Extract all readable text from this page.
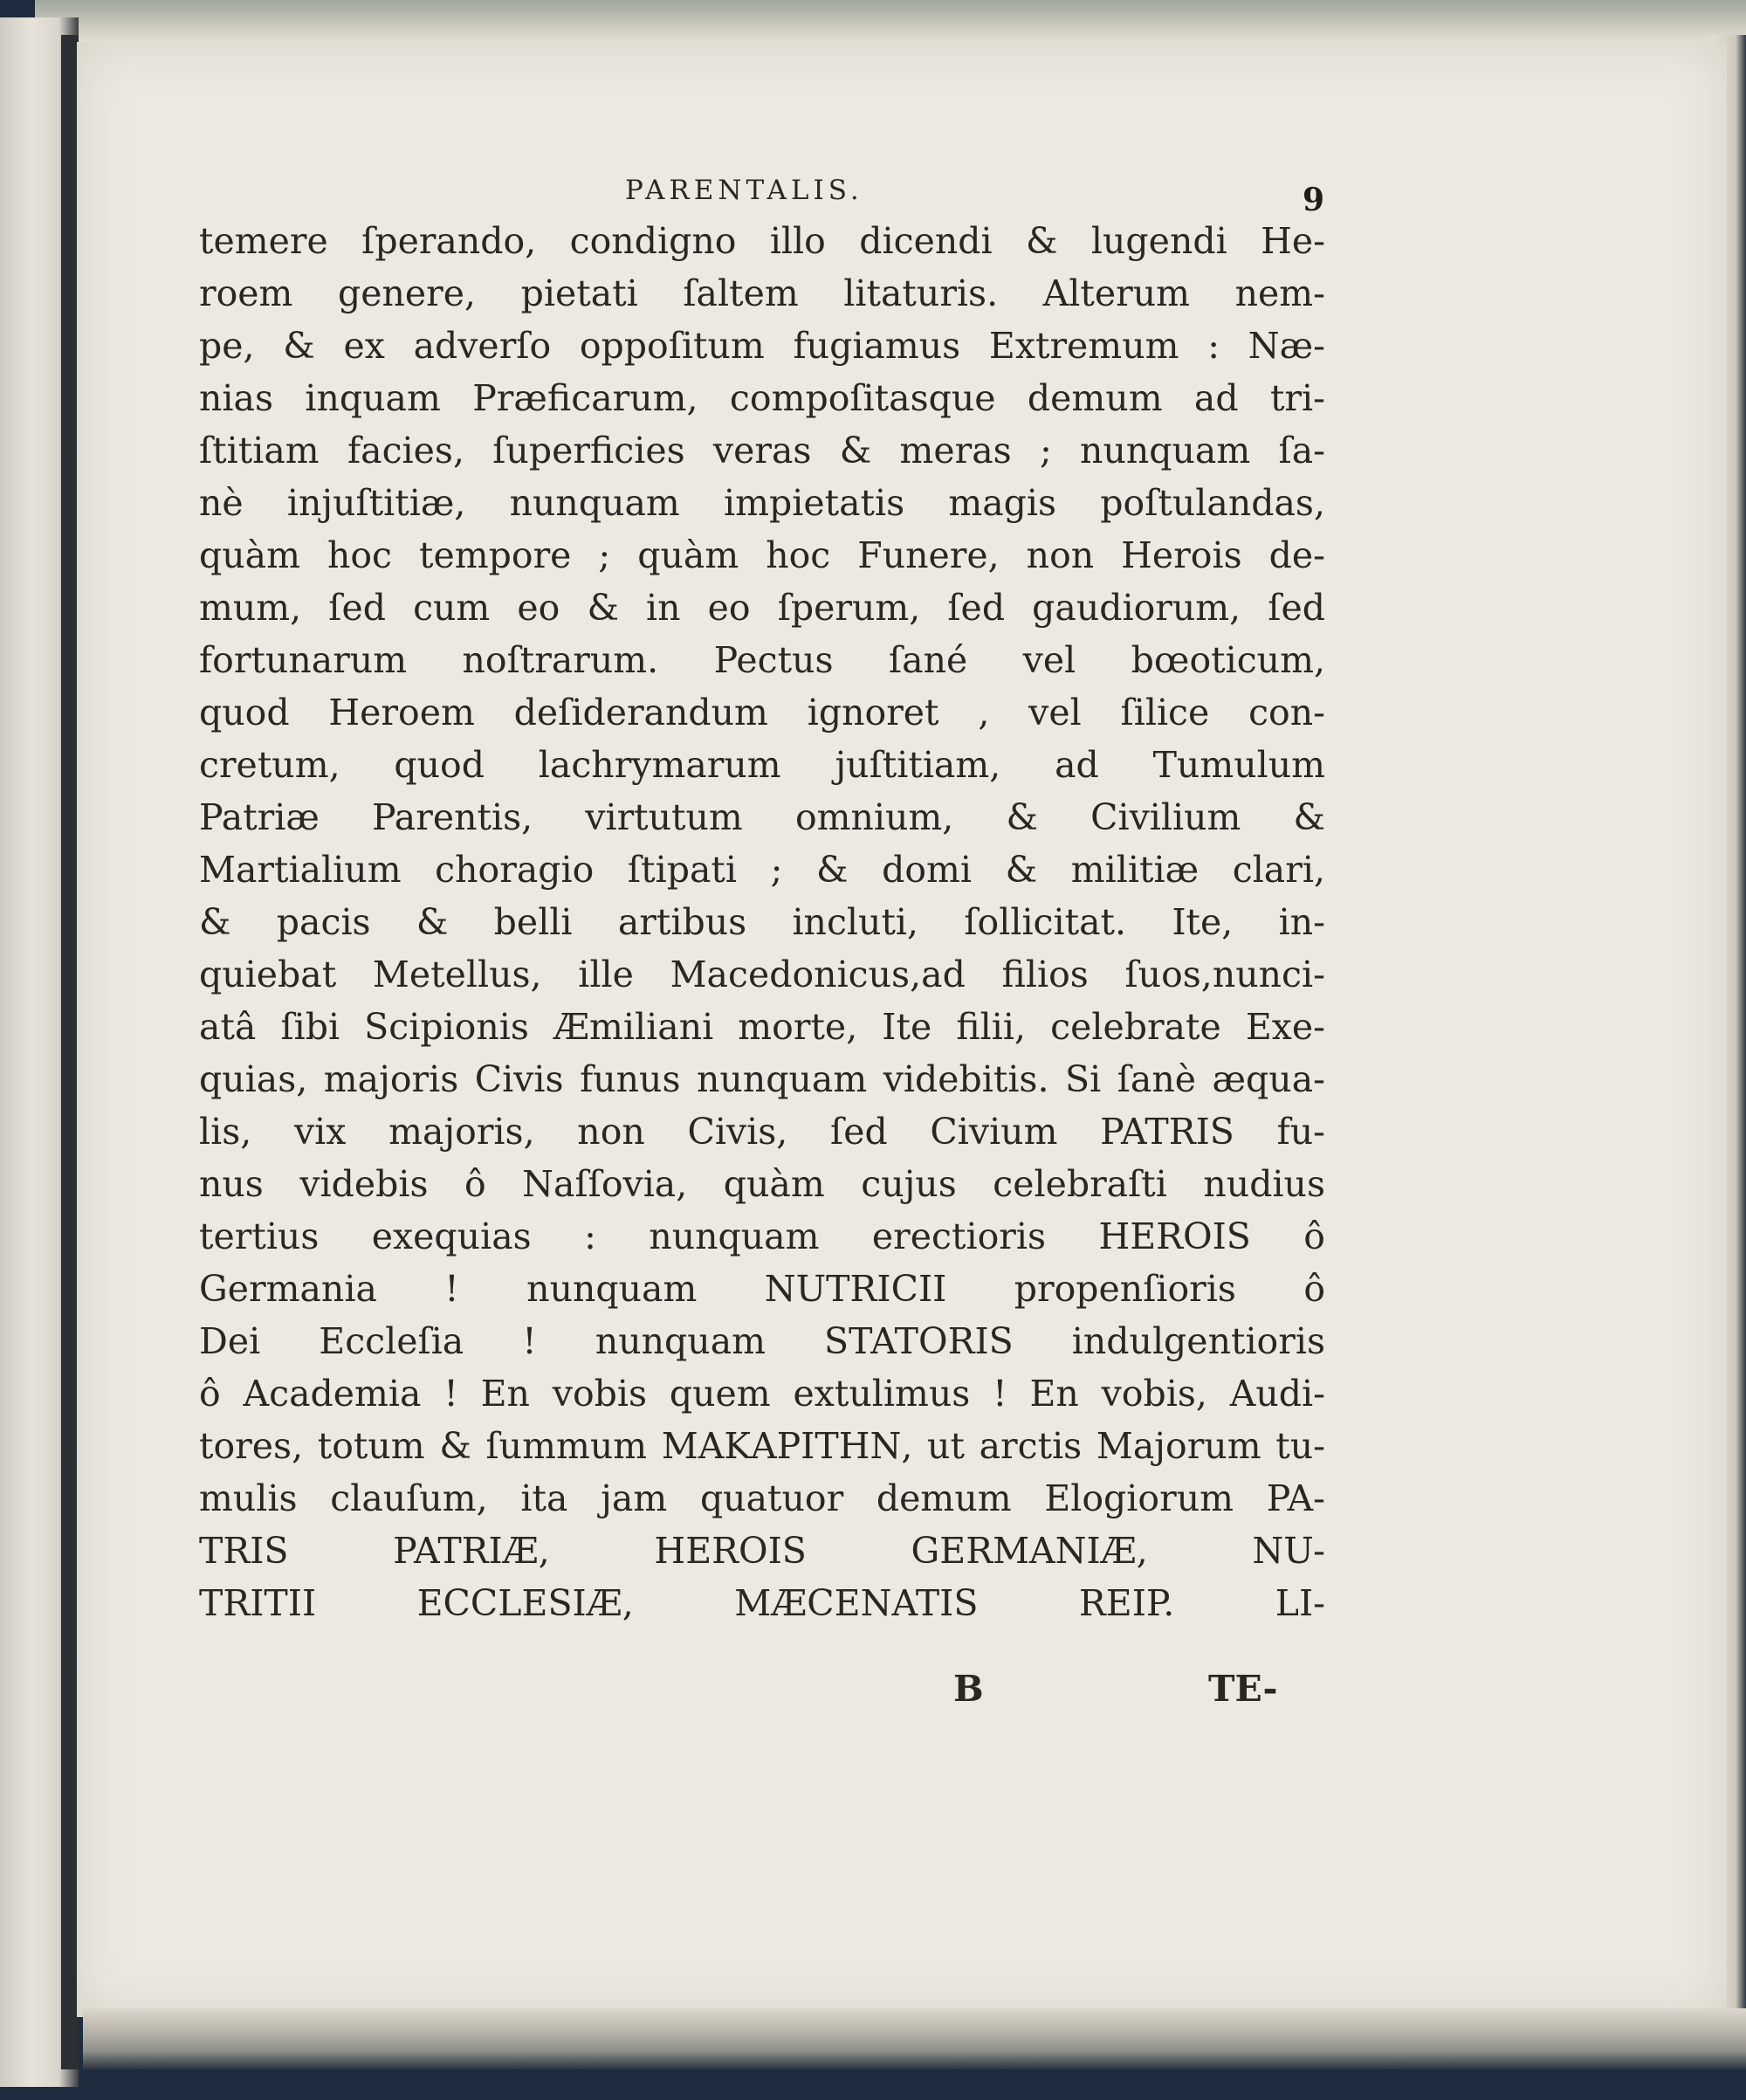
PARENTALIS.	9
temere ſperando, condigno illo dicendi & lugendi He-
roem genere, pietati ſaltem litaturis. Alterum nem-
pe, & ex adverſo oppoſitum fugiamus Extremum : Næ-
nias inquam Præficarum, compoſitasque demum ad tri-
ſtitiam facies, ſuperficies veras & meras ; nunquam ſa-
nè injuſtitiæ, nunquam impietatis magis poſtulandas,
quàm hoc tempore ; quàm hoc Funere, non Herois de-
mum, ſed cum eo & in eo ſperum, ſed gaudiorum, ſed
fortunarum noſtrarum. Pectus ſané vel bœoticum,
quod Heroem deſiderandum ignoret , vel ſilice con-
cretum, quod lachrymarum juſtitiam, ad Tumulum
Patriæ Parentis, virtutum omnium, & Civilium &
Martialium choragio ſtipati ; & domi & militiæ clari,
& pacis & belli artibus incluti, ſollicitat. Ite, in-
quiebat Metellus, ille Macedonicus,ad filios ſuos,nunci-
atâ ſibi Scipionis Æmiliani morte, Ite filii, celebrate Exe-
quias, majoris Civis funus nunquam videbitis. Si ſanè æqua-
lis, vix majoris, non Civis, ſed Civium PATRIS fu-
nus videbis ô Naſſovia, quàm cujus celebraſti nudius
tertius exequias : nunquam erectioris HEROIS ô
Germania ! nunquam NUTRICII propenſioris ô
Dei Eccleſia ! nunquam STATORIS indulgentioris
ô Academia ! En vobis quem extulimus ! En vobis, Audi-
tores, totum & ſummum ΜΑΚΑΡΙΤΗΝ, ut arctis Majorum tu-
mulis clauſum, ita jam quatuor demum Elogiorum PA-
TRIS PATRIÆ, HEROIS GERMANIÆ, NU-
TRITII ECCLESIÆ, MÆCENATIS REIP. LI-
B	TE-
